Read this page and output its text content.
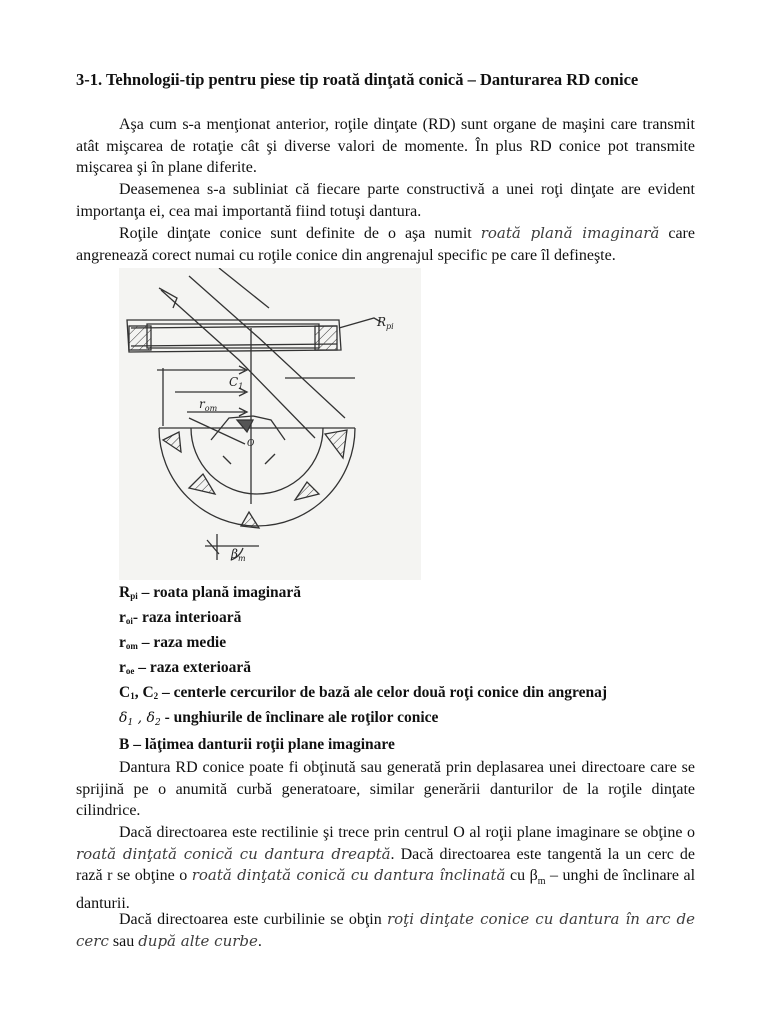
3-1. Tehnologii-tip pentru piese tip roată dinţată conică – Danturarea RD conice
Aşa cum s-a menţionat anterior, roţile dinţate (RD) sunt organe de maşini care transmit atât mişcarea de rotaţie cât şi diverse valori de momente. În plus RD conice pot transmite mişcarea şi în plane diferite.
Deasemenea s-a subliniat că fiecare parte constructivă a unei roţi dinţate are evident importanţa ei, cea mai importantă fiind totuşi dantura.
Roţile dinţate conice sunt definite de o aşa numit roată plană imaginară care angrenează corect numai cu roţile conice din angrenajul specific pe care îl defineşte.
$R_{pi}$
$C_1$
$r_{om}$
$\beta_m$
O
$R_{pi}$ – roata plană imaginară
$r_{oi}-$ raza interioară
$r_{om}$ – raza medie
$r_{oe}$ – raza exterioară
$C_1$, $C_2$ – centerle cercurilor de bază ale celor două roţi conice din angrenaj
δ1 , δ2 - unghiurile de înclinare ale roţilor conice
B – lăţimea danturii roţii plane imaginare
Dantura RD conice poate fi obţinută sau generată prin deplasarea unei directoare care se sprijină pe o anumită curbă generatoare, similar generării danturilor de la roţile dinţate cilindrice.
Dacă directoarea este rectilinie şi trece prin centrul O al roţii plane imaginare se obţine o roată dinţată conică cu dantura dreaptă. Dacă directoarea este tangentă la un cerc de rază r se obţine o roată dinţată conică cu dantura înclinată cu $\beta_m$ – unghi de înclinare al danturii.
Dacă directoarea este curbilinie se obţin roţi dinţate conice cu dantura în arc de cerc sau după alte curbe.
